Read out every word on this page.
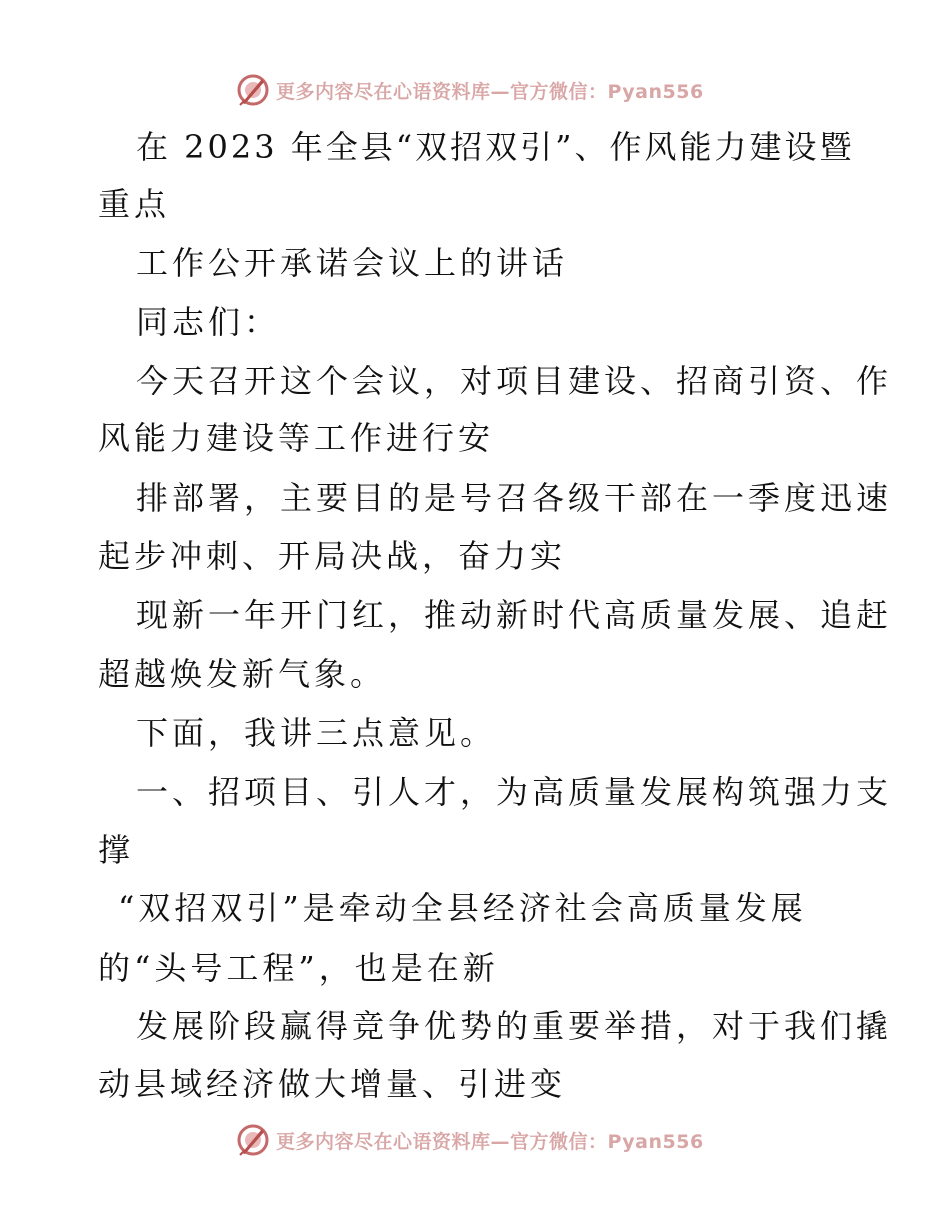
更多内容尽在心语资料库— 官方微信：Pyan556
在 2023 年全县“双招双引”、作风能力建设暨
重点
工作公开承诺会议上的讲话
同志们：
今天召开这个会议，对项目建设、招商引资、作
风能力建设等工作进行安
排部署，主要目的是号召各级干部在一季度迅速
起步冲刺、开局决战，奋力实
现新一年开门红，推动新时代高质量发展、追赶
超越焕发新气象。
下面，我讲三点意见。
一、招项目、引人才，为高质量发展构筑强力支
撑
“双招双引”是牵动全县经济社会高质量发展
的“头号工程”，也是在新
发展阶段赢得竞争优势的重要举措，对于我们撬
动县域经济做大增量、引进变
更多内容尽在心语资料库— 官方微信：Pyan556
